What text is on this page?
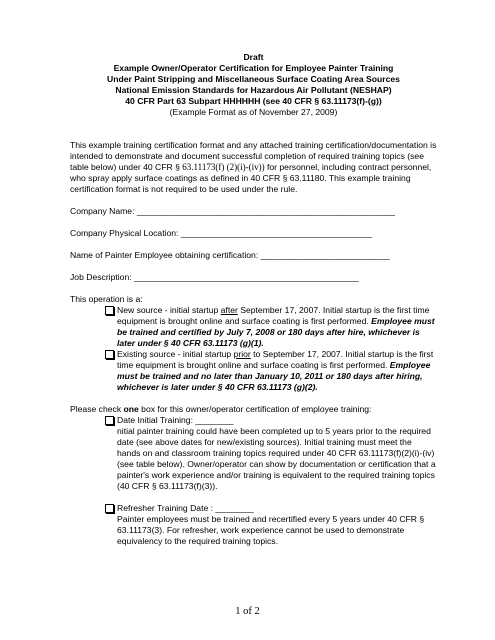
Draft
Example Owner/Operator Certification for Employee Painter Training
Under Paint Stripping and Miscellaneous Surface Coating Area Sources
National Emission Standards for Hazardous Air Pollutant (NESHAP)
40 CFR Part 63 Subpart HHHHHH (see 40 CFR § 63.11173(f)-(g))
(Example Format as of November 27, 2009)

This example training certification format and any attached training certification/documentation is intended to demonstrate and document successful completion of required training topics (see table below) under 40 CFR § 63.11173(f) (2)(i)-(iv)) for personnel, including contract personnel, who spray apply surface coatings as defined in 40 CFR § 63.11180. This example training certification format is not required to be used under the rule.

Company Name: ______________________________________________________
Company Physical Location: ________________________________________
Name of Painter Employee obtaining certification: ___________________________
Job Description: _______________________________________________
This operation is a:
New source - initial startup after September 17, 2007. Initial startup is the first time equipment is brought online and surface coating is first performed. Employee must be trained and certified by July 7, 2008 or 180 days after hire, whichever is later under § 40 CFR 63.11173 (g)(1).
Existing source - initial startup prior to September 17, 2007. Initial startup is the first time equipment is brought online and surface coating is first performed. Employee must be trained and no later than January 10, 2011 or 180 days after hiring, whichever is later under § 40 CFR 63.11173 (g)(2).
Please check one box for this owner/operator certification of employee training:
Date Initial Training: ________
nitial painter training could have been completed up to 5 years prior to the required date (see above dates for new/existing sources). Initial training must meet the hands on and classroom training topics required under 40 CFR 63.11173(f)(2)(i)-(iv) (see table below). Owner/operator can show by documentation or certification that a painter's work experience and/or training is equivalent to the required training topics (40 CFR § 63.11173(f)(3)).
Refresher Training Date : ________
Painter employees must be trained and recertified every 5 years under 40 CFR § 63.11173(3). For refresher, work experience cannot be used to demonstrate equivalency to the required training topics.
1 of 2
